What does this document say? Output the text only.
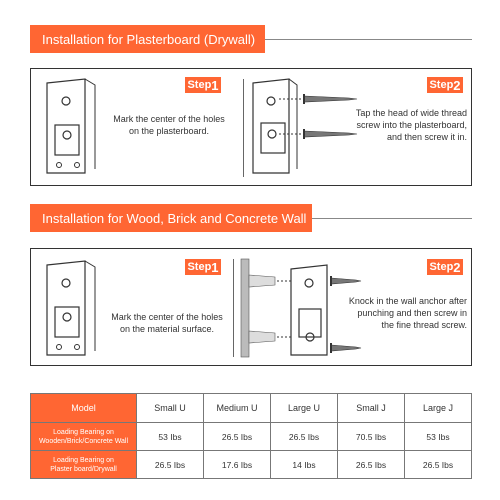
Installation for Plasterboard (Drywall)
Step 1	Step 2
Mark the center of the holes
on the plasterboard.
Tap the head of wide thread
screw into the plasterboard,
and then screw it in.
Installation for Wood, Brick and Concrete Wall
Step 1	Step 2
Mark the center of the holes
on the material surface.
Knock in the wall anchor after
punching and then screw in
the fine thread screw.
Model	Small U	Medium U	Large U	Small J	Large J

Loading Bearing on
Wooden/Brick/Concrete Wall	53 Ibs	26.5 Ibs	26.5 Ibs	70.5 Ibs	53 Ibs

Loading Bearing on
Plaster board/Drywall	26.5 Ibs	17.6 Ibs	14 Ibs	26.5 Ibs	26.5 Ibs
